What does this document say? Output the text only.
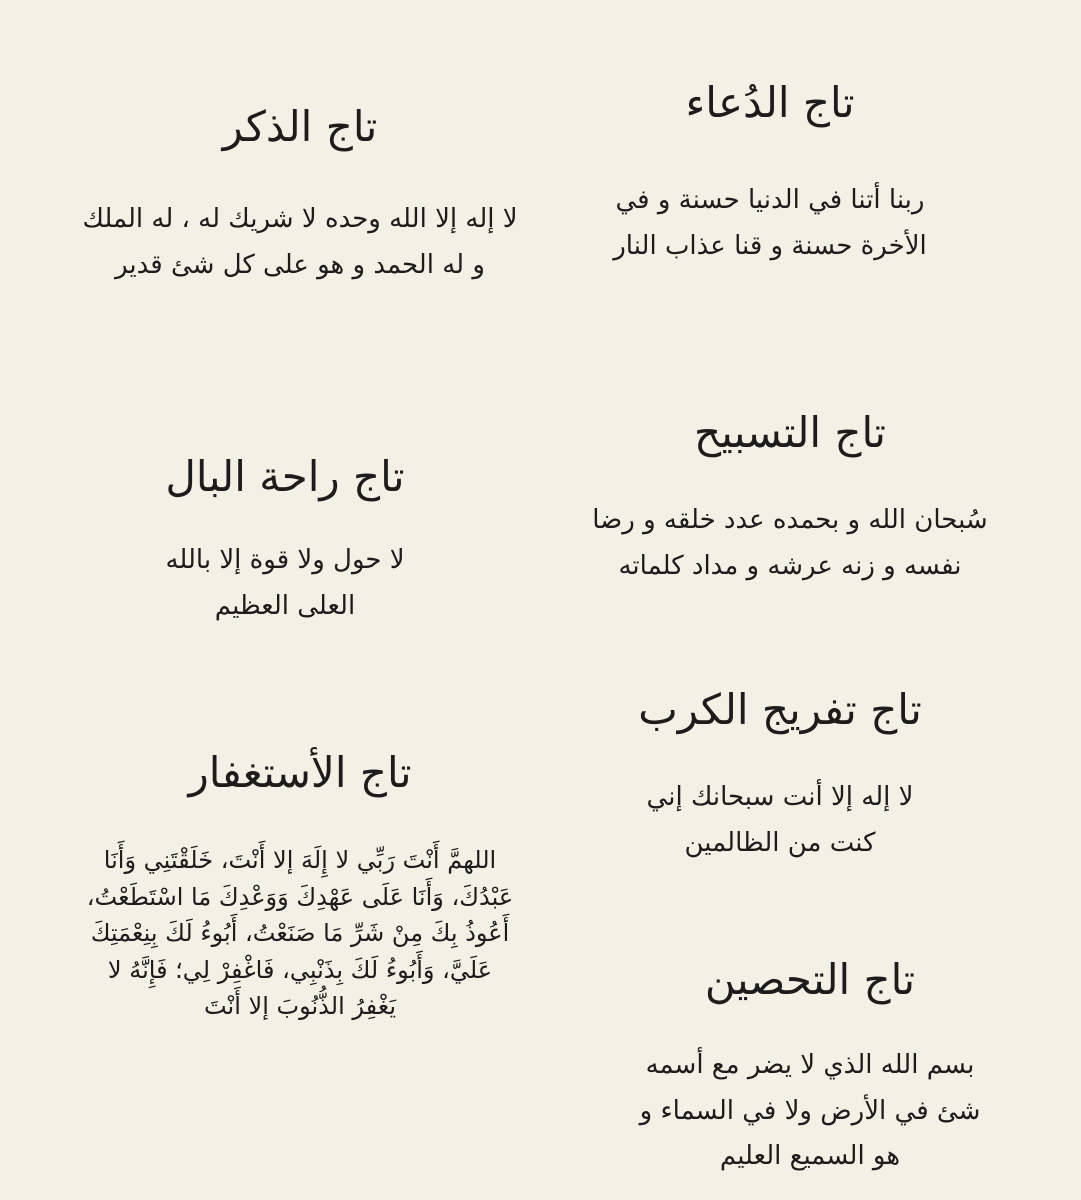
تاج الدُعاء
ربنا أتنا في الدنيا حسنة و في
الأخرة حسنة و قنا عذاب النار
تاج التسبيح
سُبحان الله و بحمده عدد خلقه و رضا
نفسه و زنه عرشه و مداد كلماته
تاج تفريج الكرب
لا إله إلا أنت سبحانك إني
كنت من الظالمين
تاج التحصين
بسم الله الذي لا يضر مع أسمه
شئ في الأرض ولا في السماء و
هو السميع العليم
تاج الذكر
لا إله إلا الله وحده لا شريك له ، له الملك
و له الحمد و هو على كل شئ قدير
تاج راحة البال
لا حول ولا قوة إلا بالله
العلى العظيم
تاج الأستغفار
اللهمَّ أَنْتَ رَبِّي لا إِلَهَ إلا أَنْتَ، خَلَقْتَنِي وَأَنَا
عَبْدُكَ، وَأَنَا عَلَى عَهْدِكَ وَوَعْدِكَ مَا اسْتَطَعْتُ،
أَعُوذُ بِكَ مِنْ شَرِّ مَا صَنَعْتُ، أَبُوءُ لَكَ بِنِعْمَتِكَ
عَلَيَّ، وَأَبُوءُ لَكَ بِذَنْبِي، فَاغْفِرْ لِي؛ فَإِنَّهُ لا
يَغْفِرُ الذُّنُوبَ إلا أَنْتَ
